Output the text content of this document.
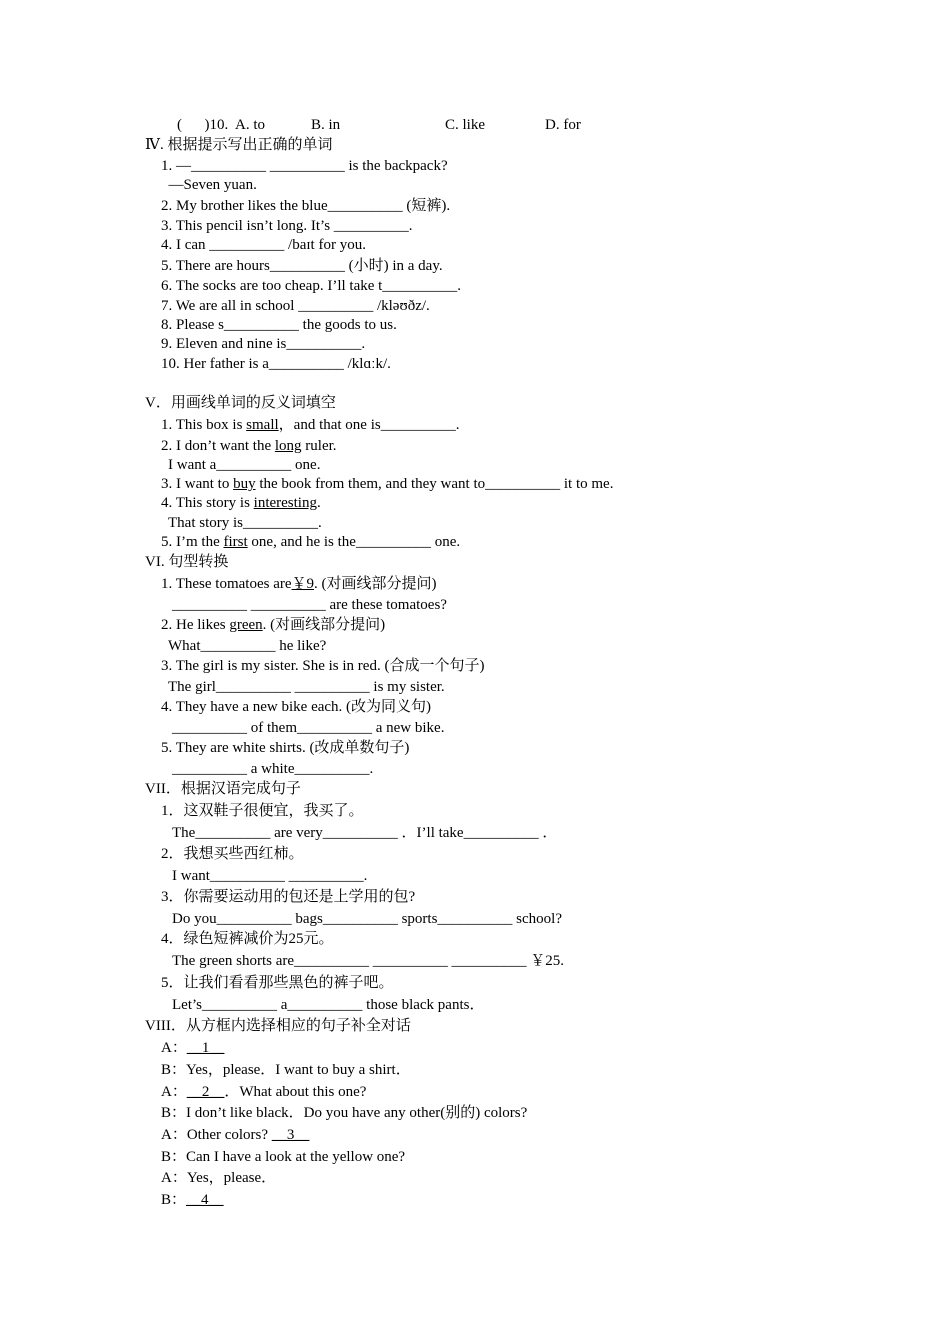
(      )10. A. to	B. in	C. like	D. for
Ⅳ. 根据提示写出正确的单词
1. —__________ __________ is the backpack?
—Seven yuan.
2. My brother likes the blue__________ (短裤).
3. This pencil isn’t long. It’s __________.
4. I can __________ /baɪt for you.
5. There are hours__________ (小时) in a day.
6. The socks are too cheap. I’ll take t__________.
7. We are all in school __________ /kləʊðz/.
8. Please s__________ the goods to us.
9. Eleven and nine is__________.
10. Her father is a__________ /klɑːk/.
V．用画线单词的反义词填空
1. This box is small，and that one is__________.
2. I don’t want the long ruler.
I want a__________ one.
3. I want to buy the book from them, and they want to__________ it to me.
4. This story is interesting.
That story is__________.
5. I’m the first one, and he is the__________ one.
VI. 句型转换
1. These tomatoes are￥9. (对画线部分提问)
__________ __________ are these tomatoes?
2. He likes green. (对画线部分提问)
What__________ he like?
3. The girl is my sister. She is in red. (合成一个句子)
The girl__________ __________ is my sister.
4. They have a new bike each. (改为同义句)
__________ of them__________ a new bike.
5. They are white shirts. (改成单数句子)
__________ a white__________.
VII．根据汉语完成句子
1．这双鞋子很便宜，我买了。
The__________ are very__________ ．I’ll take__________ ．
2．我想买些西红柿。
I want__________ __________.
3．你需要运动用的包还是上学用的包?
Do you__________ bags__________ sports__________ school?
4．绿色短裤减价为25元。
The green shorts are__________ __________ __________ ￥25.
5．让我们看看那些黑色的裤子吧。
Let’s__________ a__________ those black pants．
VIII．从方框内选择相应的句子补全对话
A：__1__
B：Yes，please．I want to buy a shirt．
A：__2__．What about this one?
B：I don’t like black．Do you have any other(别的) colors?
A：Other colors? __3__
B：Can I have a look at the yellow one?
A：Yes，please．
B：__4__
